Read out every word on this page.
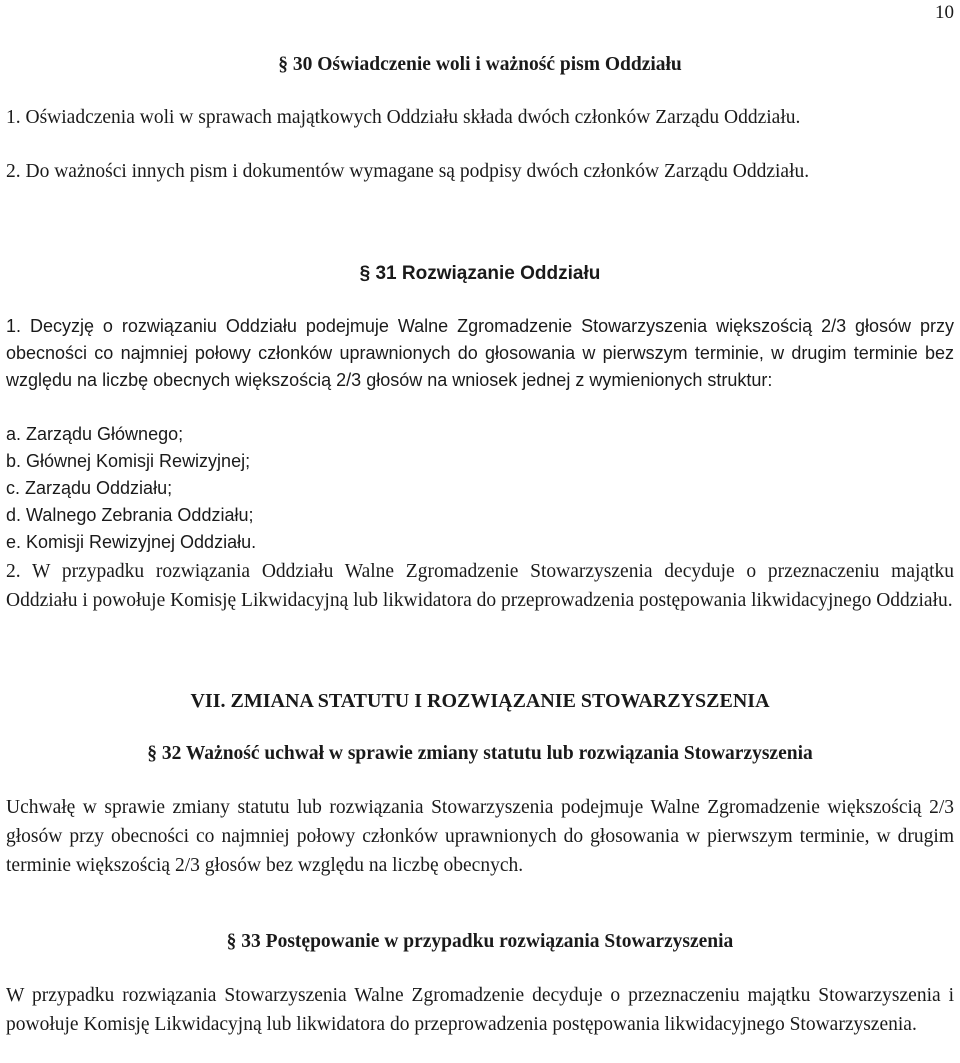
10
§ 30 Oświadczenie woli i ważność pism Oddziału
1. Oświadczenia woli w sprawach majątkowych Oddziału składa dwóch członków Zarządu Oddziału.
2. Do ważności innych pism i dokumentów wymagane są podpisy dwóch członków Zarządu Oddziału.
§ 31 Rozwiązanie Oddziału
1. Decyzję o rozwiązaniu Oddziału podejmuje Walne Zgromadzenie Stowarzyszenia większością 2/3 głosów przy obecności co najmniej połowy członków uprawnionych do głosowania w pierwszym terminie, w drugim terminie bez względu na liczbę obecnych większością 2/3 głosów na wniosek jednej z wymienionych struktur:
a. Zarządu Głównego;
b. Głównej Komisji Rewizyjnej;
c. Zarządu Oddziału;
d. Walnego Zebrania Oddziału;
e. Komisji Rewizyjnej Oddziału.
2. W przypadku rozwiązania Oddziału Walne Zgromadzenie Stowarzyszenia decyduje o przeznaczeniu majątku Oddziału i powołuje Komisję Likwidacyjną lub likwidatora do przeprowadzenia postępowania likwidacyjnego Oddziału.
VII. ZMIANA STATUTU I ROZWIĄZANIE STOWARZYSZENIA
§ 32 Ważność uchwał w sprawie zmiany statutu lub rozwiązania Stowarzyszenia
Uchwałę w sprawie zmiany statutu lub rozwiązania Stowarzyszenia podejmuje Walne Zgromadzenie większością 2/3 głosów przy obecności co najmniej połowy członków uprawnionych do głosowania w pierwszym terminie, w drugim terminie większością 2/3 głosów bez względu na liczbę obecnych.
§ 33 Postępowanie w przypadku rozwiązania Stowarzyszenia
W przypadku rozwiązania Stowarzyszenia Walne Zgromadzenie decyduje o przeznaczeniu majątku Stowarzyszenia i powołuje Komisję Likwidacyjną lub likwidatora do przeprowadzenia postępowania likwidacyjnego Stowarzyszenia.
